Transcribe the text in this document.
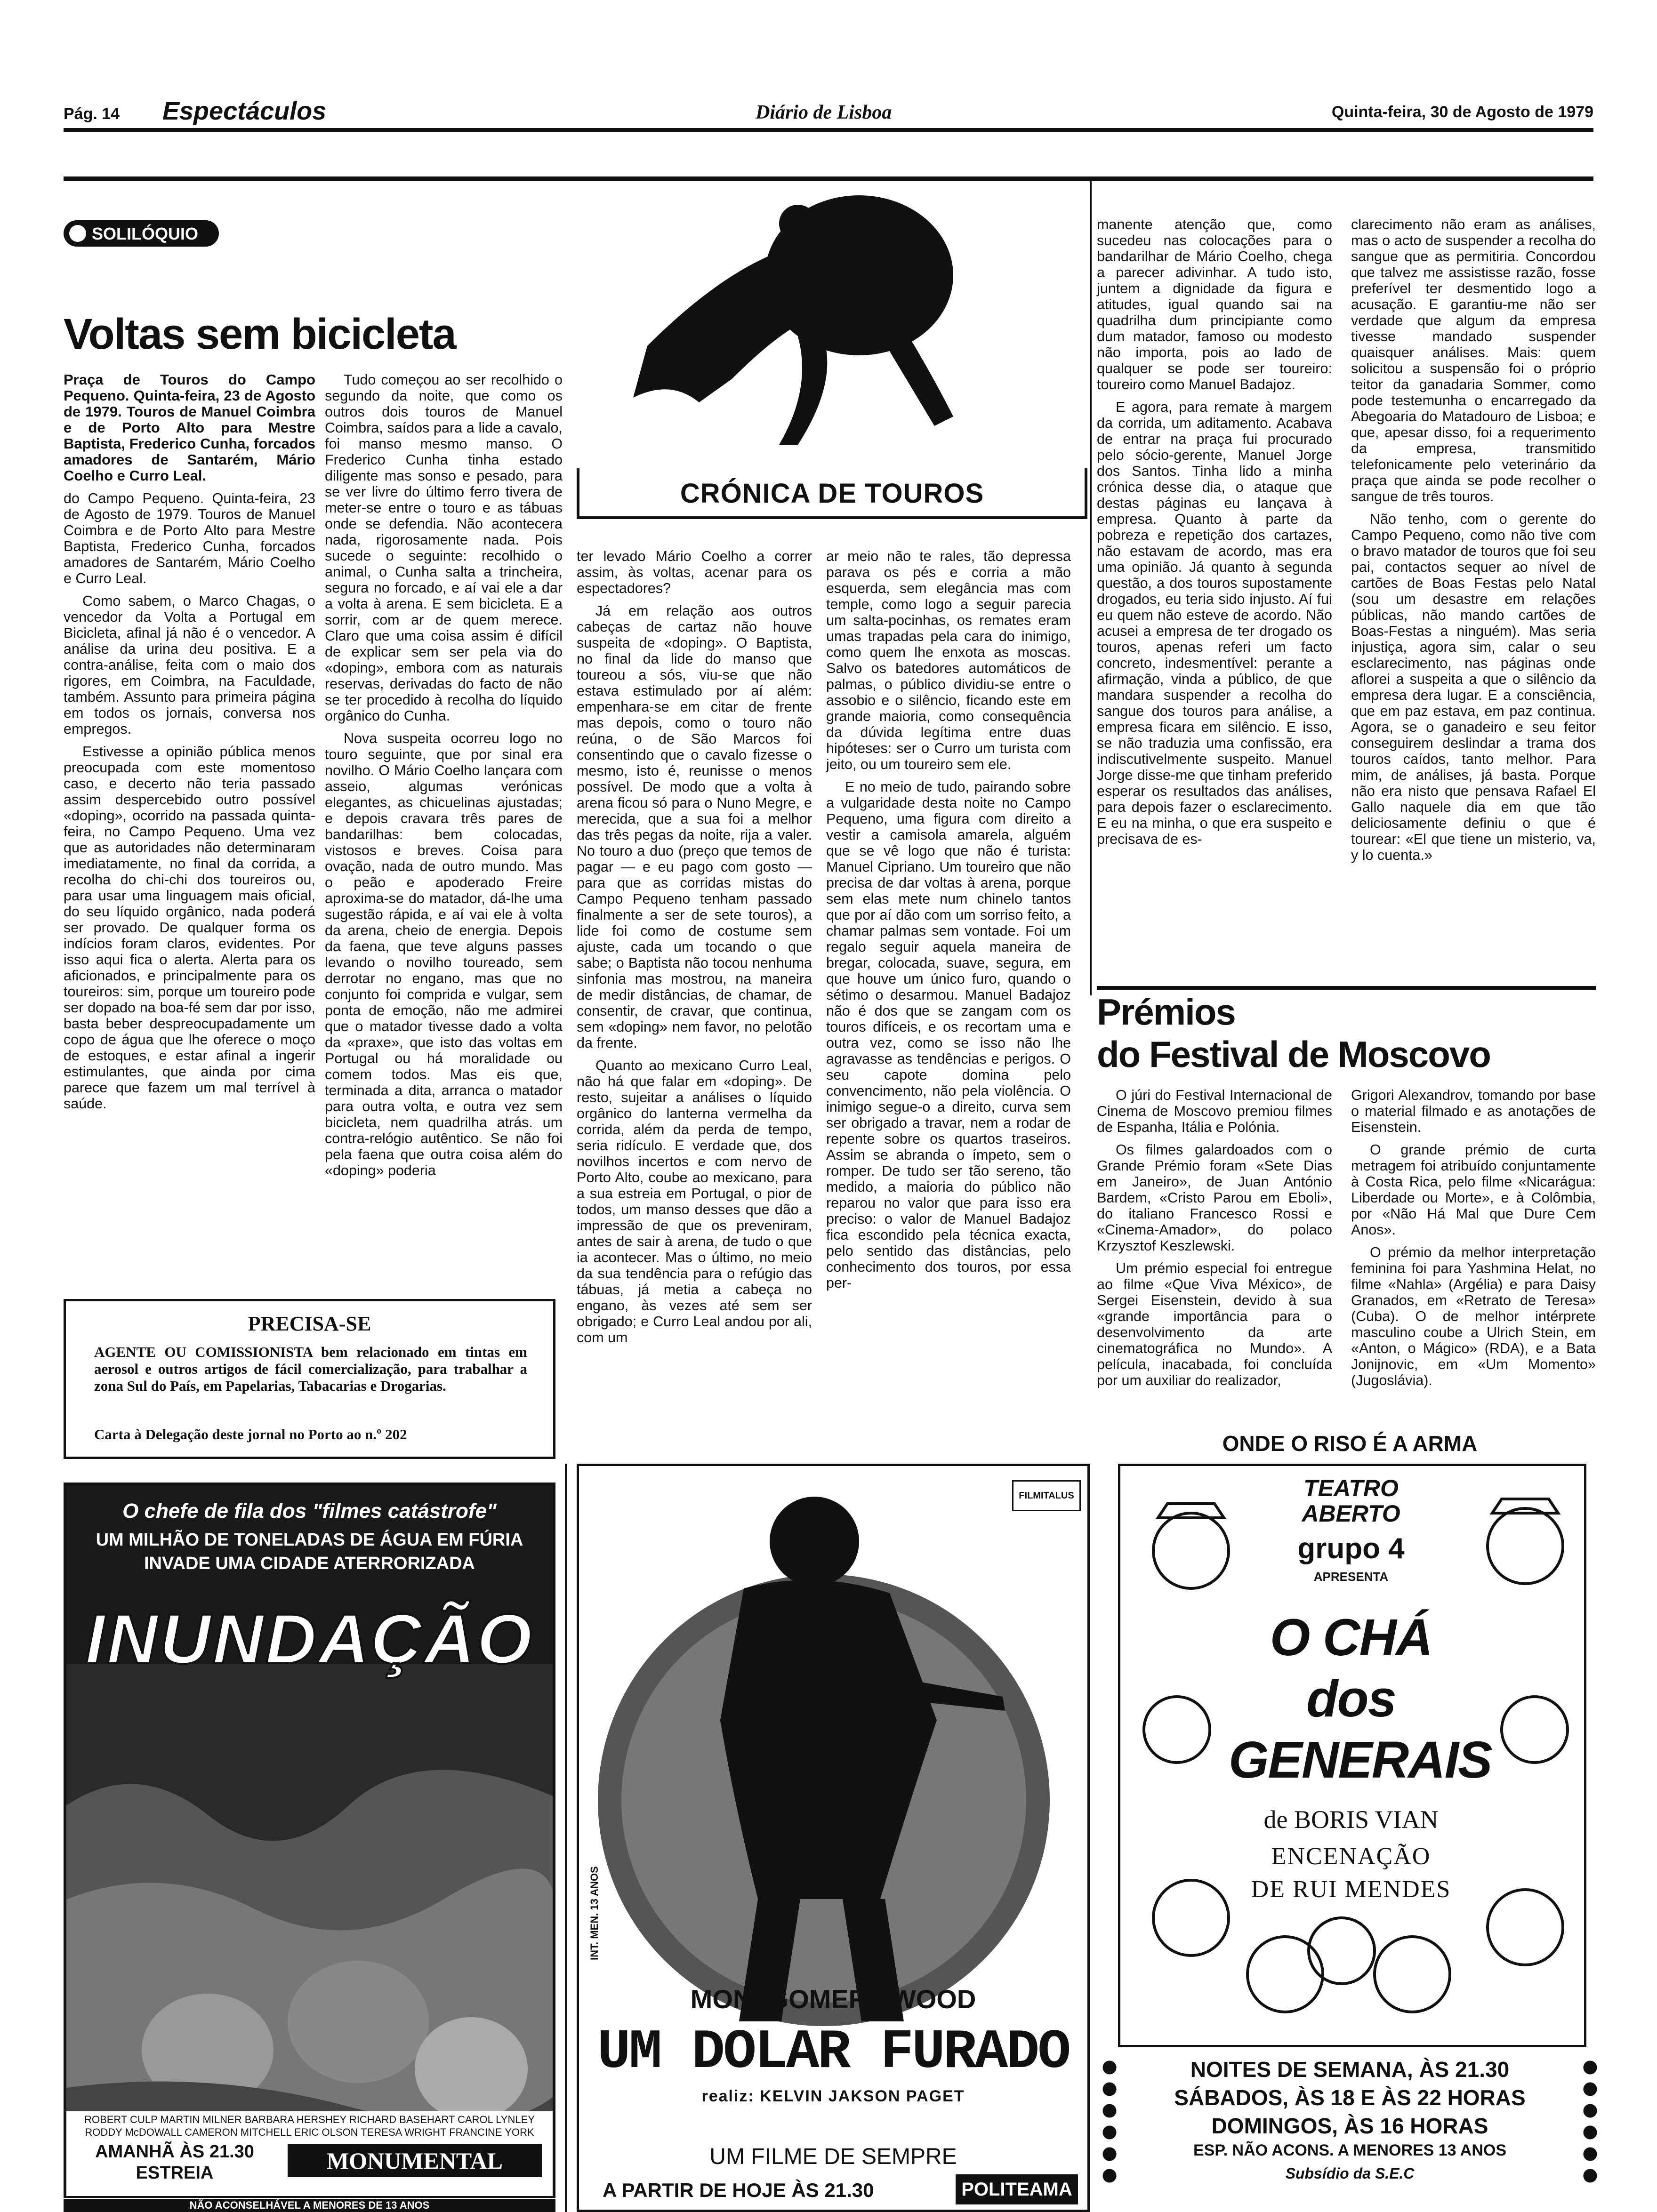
Pág. 14 Espectáculos	Diário de Lisboa	Quinta-feira, 30 de Agosto de 1979
SOLILÓQUIO
Voltas sem bicicleta
CRÓNICA DE TOUROS

Praça de Touros do Campo Pequeno. Quinta-feira, 23 de Agosto de 1979. Touros de Manuel Coimbra e de Porto Alto para Mestre Baptista, Frederico Cunha, forcados amadores de Santarém, Mário Coelho e Curro Leal.

do Campo Pequeno. Quinta-feira, 23 de Agosto de 1979. Touros de Manuel Coimbra e de Porto Alto para Mestre Baptista, Frederico Cunha, forcados amadores de Santarém, Mário Coelho e Curro Leal.

Como sabem, o Marco Chagas, o vencedor da Volta a Portugal em Bicicleta, afinal já não é o vencedor. A análise da urina deu positiva. E a contra-análise, feita com o maio dos rigores, em Coimbra, na Faculdade, também. Assunto para primeira página em todos os jornais, conversa nos empregos.

Estivesse a opinião pública menos preocupada com este momentoso caso, e decerto não teria passado assim despercebido outro possível «doping», ocorrido na passada quinta-feira, no Campo Pequeno. Uma vez que as autoridades não determinaram imediatamente, no final da corrida, a recolha do chi-chi dos toureiros ou, para usar uma linguagem mais oficial, do seu líquido orgânico, nada poderá ser provado. De qualquer forma os indícios foram claros, evidentes. Por isso aqui fica o alerta. Alerta para os aficionados, e principalmente para os toureiros: sim, porque um toureiro pode ser dopado na boa-fé sem dar por isso, basta beber despreocupadamente um copo de água que lhe oferece o moço de estoques, e estar afinal a ingerir estimulantes, que ainda por cima parece que fazem um mal terrível à saúde.

Tudo começou ao ser recolhido o segundo da noite, que como os outros dois touros de Manuel Coimbra, saídos para a lide a cavalo, foi manso mesmo manso. O Frederico Cunha tinha estado diligente mas sonso e pesado, para se ver livre do último ferro tivera de meter-se entre o touro e as tábuas onde se defendia. Não acontecera nada, rigorosamente nada. Pois sucede o seguinte: recolhido o animal, o Cunha salta a trincheira, segura no forcado, e aí vai ele a dar a volta à arena. E sem bicicleta. E a sorrir, com ar de quem merece. Claro que uma coisa assim é difícil de explicar sem ser pela via do «doping», embora com as naturais reservas, derivadas do facto de não se ter procedido à recolha do líquido orgânico do Cunha.

Nova suspeita ocorreu logo no touro seguinte, que por sinal era novilho. O Mário Coelho lançara com asseio, algumas verónicas elegantes, as chicuelinas ajustadas; e depois cravara três pares de bandarilhas: bem colocadas, vistosos e breves. Coisa para ovação, nada de outro mundo. Mas o peão e apoderado Freire aproximа-se do matador, dá-lhe uma sugestão rápida, e aí vai ele à volta da arena, cheio de energia. Depois da faena, que teve alguns passes levando o novilho toureado, sem derrotar no engano, mas que no conjunto foi comprida e vulgar, sem ponta de emoção, não me admirei que o matador tivesse dado a volta da «praxe», que isto das voltas em Portugal ou há moralidade ou comem todos. Mas eis que, terminada a dita, arranca o matador para outra volta, e outra vez sem bicicleta, nem quadrilha atrás. um contra-relógio autêntico. Se não foi pela faena que outra coisa além do «doping» poderia

ter levado Mário Coelho a correr assim, às voltas, acenar para os espectadores?

Já em relação aos outros cabeças de cartaz não houve suspeita de «doping». O Baptista, no final da lide do manso que toureou a sós, viu-se que não estava estimulado por aí além: empenhara-se em citar de frente mas depois, como o touro não reúna, o de São Marcos foi consentindo que o cavalo fizesse o mesmo, isto é, reunisse o menos possível. De modo que a volta à arena ficou só para o Nuno Megre, e merecida, que a sua foi a melhor das três pegas da noite, rija a valer. No touro a duo (preço que temos de pagar — e eu pago com gosto — para que as corridas mistas do Campo Pequeno tenham passado finalmente a ser de sete touros), a lide foi como de costume sem ajuste, cada um tocando o que sabe; o Baptista não tocou nenhuma sinfonia mas mostrou, na maneira de medir distâncias, de chamar, de consentir, de cravar, que continua, sem «doping» nem favor, no pelotão da frente.

Quanto ao mexicano Curro Leal, não há que falar em «doping». De resto, sujeitar a análises o líquido orgânico do lanterna vermelha da corrida, além da perda de tempo, seria ridículo. E verdade que, dos novilhos incertos e com nervo de Porto Alto, coube ao mexicano, para a sua estreia em Portugal, o pior de todos, um manso desses que dão a impressão de que os preveniram, antes de sair à arena, de tudo o que ia acontecer. Mas o último, no meio da sua tendência para o refúgio das tábuas, já metia a cabeça no engano, às vezes até sem ser obrigado; e Curro Leal andou por ali, com um

ar meio não te rales, tão depressa parava os pés e corria a mão esquerda, sem elegância mas com temple, como logo a seguir parecia um salta-pocinhas, os remates eram umas trapadas pela cara do inimigo, como quem lhe enxota as moscas. Salvo os batedores automáticos de palmas, o público dividiu-se entre o assobio e o silêncio, ficando este em grande maioria, como consequência da dúvida legítima entre duas hipóteses: ser o Curro um turista com jeito, ou um toureiro sem ele.

E no meio de tudo, pairando sobre a vulgaridade desta noite no Campo Pequeno, uma figura com direito a vestir a camisola amarela, alguém que se vê logo que não é turista: Manuel Cipriano. Um toureiro que não precisa de dar voltas à arena, porque sem elas mete num chinelo tantos que por aí dão com um sorriso feito, a chamar palmas sem vontade. Foi um regalo seguir aquela maneira de bregar, colocada, suave, segura, em que houve um único furo, quando o sétimo o desarmou. Manuel Badajoz não é dos que se zangam com os touros difíceis, e os recortam uma e outra vez, como se isso não lhe agravasse as tendências e perigos. O seu capote domina pelo convencimento, não pela violência. O inimigo segue-o a direito, curva sem ser obrigado a travar, nem a rodar de repente sobre os quartos traseiros. Assim se abranda o ímpeto, sem o romper. De tudo ser tão sereno, tão medido, a maioria do público não reparou no valor que para isso era preciso: o valor de Manuel Badajoz fica escondido pela técnica exacta, pelo sentido das distâncias, pelo conhecimento dos touros, por essa per-

manente atenção que, como sucedeu nas colocações para o bandarilhar de Mário Coelho, chega a parecer adivinhar. A tudo isto, juntem a dignidade da figura e atitudes, igual quando sai na quadrilha dum principiante como dum matador, famoso ou modesto não importa, pois ao lado de qualquer se pode ser toureiro: toureiro como Manuel Badajoz.

E agora, para remate à margem da corrida, um aditamento. Acabava de entrar na praça fui procurado pelo sócio-gerente, Manuel Jorge dos Santos. Tinha lido a minha crónica desse dia, o ataque que destas páginas eu lançava à empresa. Quanto à parte da pobreza e repetição dos cartazes, não estavam de acordo, mas era uma opinião. Já quanto à segunda questão, a dos touros supostamente drogados, eu teria sido injusto. Aí fui eu quem não esteve de acordo. Não acusei a empresa de ter drogado os touros, apenas referi um facto concreto, indesmentível: perante a afirmação, vinda a público, de que mandara suspender a recolha do sangue dos touros para análise, a empresa ficara em silêncio. E isso, se não traduzia uma confissão, era indiscutivelmente suspeito. Manuel Jorge disse-me que tinham preferido esperar os resultados das análises, para depois fazer o esclarecimento. E eu na minha, o que era suspeito e precisava de es-

clarecimento não eram as análises, mas o acto de suspender a recolha do sangue que as permitiria. Concordou que talvez me assistisse razão, fosse preferível ter desmentido logo a acusação. E garantiu-me não ser verdade que algum da empresa tivesse mandado suspender quaisquer análises. Mais: quem solicitou a suspensão foi o próprio teitor da ganadaria Sommer, como pode testemunha o encarregado da Abegoaria do Matadouro de Lisboa; e que, apesar disso, foi a requerimento da empresa, transmitido telefonicamente pelo veterinário da praça que ainda se pode recolher o sangue de três touros.

Não tenho, com o gerente do Campo Pequeno, como não tive com o bravo matador de touros que foi seu pai, contactos sequer ao nível de cartões de Boas Festas pelo Natal (sou um desastre em relações públicas, não mando cartões de Boas-Festas a ninguém). Mas seria injustiça, agora sim, calar o seu esclarecimento, nas páginas onde aflorei a suspeita a que o silêncio da empresa dera lugar. E a consciência, que em paz estava, em paz continua. Agora, se o ganadeiro e seu feitor conseguirem deslindar a trama dos touros caídos, tanto melhor. Para mim, de análises, já basta. Porque não era nisto que pensava Rafael El Gallo naquele dia em que tão deliciosamente definiu o que é tourear: «El que tiene un misterio, va, y lo cuenta.»

Prémios
do Festival de Moscovo

O júri do Festival Internacional de Cinema de Moscovo premiou filmes de Espanha, Itália e Polónia.

Os filmes galardoados com o Grande Prémio foram «Sete Dias em Janeiro», de Juan António Bardem, «Cristo Parou em Eboli», do italiano Francesco Rossi e «Cinema-Amador», do polaco Krzysztof Keszlewski.

Um prémio especial foi entregue ao filme «Que Viva México», de Sergei Eisenstein, devido à sua «grande importância para o desenvolvimento da arte cinematográfica no Mundo». A película, inacabada, foi concluída por um auxiliar do realizador,

Grigori Alexandrov, tomando por base o material filmado e as anotações de Eisenstein.

O grande prémio de curta metragem foi atribuído conjuntamente à Costa Rica, pelo filme «Nicarágua: Liberdade ou Morte», e à Colômbia, por «Não Há Mal que Dure Cem Anos».

O prémio da melhor interpretação feminina foi para Yashmina Helat, no filme «Nahla» (Argélia) e para Daisy Granados, em «Retrato de Teresa» (Cuba). O de melhor intérprete masculino coube a Ulrich Stein, em «Anton, o Mágico» (RDA), e a Bata Jonijnovic, em «Um Momento» (Jugoslávia).

PRECISA-SE
AGENTE OU COMISSIONISTA bem relacionado em tintas em aerosol e outros artigos de fácil comercialização, para trabalhar a zona Sul do País, em Papelarias, Tabacarias e Drogarias.
Carta à Delegação deste jornal no Porto ao n.º 202
O chefe de fila dos "filmes catástrofe"
UM MILHÃO DE TONELADAS DE ÁGUA EM FÚRIA
INVADE UMA CIDADE ATERRORIZADA
INUNDAÇÃO
ROBERT CULP MARTIN MILNER BARBARA HERSHEY RICHARD BASEHART CAROL LYNLEY
RODDY McDOWALL CAMERON MITCHELL ERIC OLSON TERESA WRIGHT FRANCINE YORK
AMANHÃ ÀS 21.30
ESTREIA	MONUMENTAL
NÃO ACONSELHÁVEL A MENORES DE 13 ANOS
FILMITALUS
INT. MEN. 13 ANOS
MONTGOMERY WOOD
UM DOLAR FURADO
realiz: KELVIN JAKSON PAGET
UM FILME DE SEMPRE
A PARTIR DE HOJE ÀS 21.30	POLITEAMA
ONDE O RISO É A ARMA
TEATRO ABERTO
grupo 4
APRESENTA
O CHÁ dos GENERAIS
de BORIS VIAN
ENCENAÇÃO
DE RUI MENDES
NOITES DE SEMANA, ÀS 21.30
SÁBADOS, ÀS 18 E ÀS 22 HORAS
DOMINGOS, ÀS 16 HORAS
ESP. NÃO ACONS. A MENORES 13 ANOS
Subsídio da S.E.C
